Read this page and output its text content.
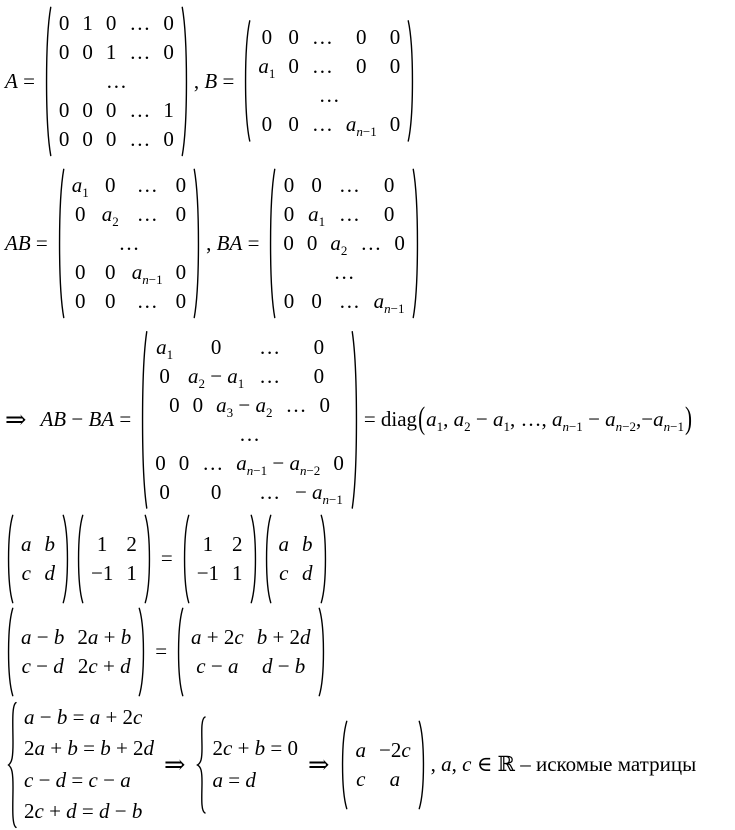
A =
0 1 0 … 0
0 0 1 … 0
…
0 0 0 … 1
0 0 0 … 0
, B =
0 0 … 0 0
$a_1$ 0 … 0 0
…
0 0 … $a_{n-1}$ 0
AB =
$a_1$ 0 … 0
0 $a_2$ … 0
…
0 0 $a_{n-1}$ 0
0 0 … 0
, BA =
0 0 … 0
0 $a_1$ … 0
0 0 $a_2$ … 0
…
0 0 … $a_{n-1}$
⇒ AB − BA =
$a_1$ 0 … 0
0 $a_2 - a_1$ … 0
0 0 $a_3 - a_2$ … 0
…
0 0 … $a_{n-1} - a_{n-2}$ 0
0 0 … − $a_{n-1}$
= $diag(a_1$, $a_2 - a_1$, …, $a_{n-1} - a_{n-2},-a_{n-1}$)
a b
c d
1 2
−1 1
=
1 2
−1 1
a b
c d
a − b 2a + b
c − d 2c + d
=
a + 2c b + 2d
c − a d − b
a − b = a + 2c
2a + b = b + 2d
c − d = c − a
2c + d = d − b
⇒
2c + b = 0
a = d
⇒
a −2c
c a
, a, c ∈ ℝ – искомые матрицы
